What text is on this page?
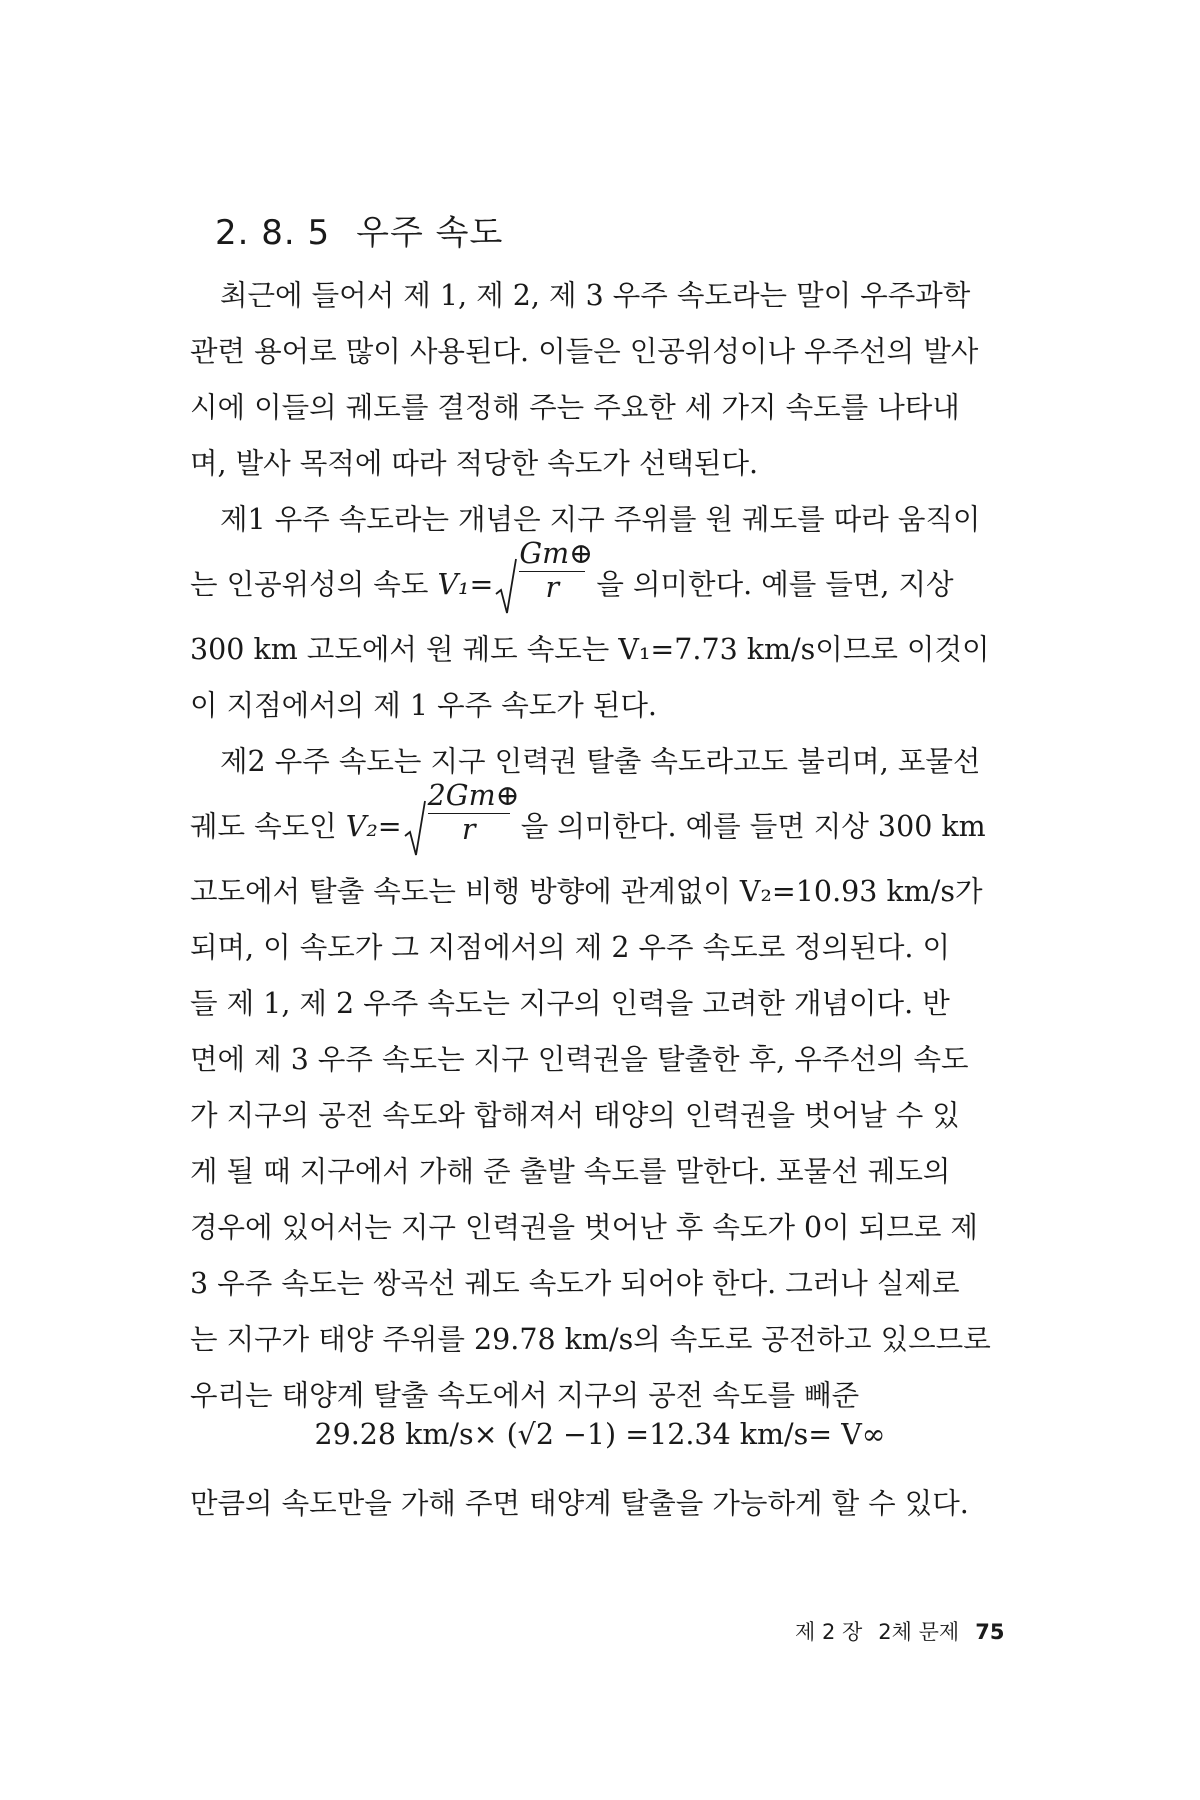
2. 8. 5 우주 속도
최근에 들어서 제 1, 제 2, 제 3 우주 속도라는 말이 우주과학
관련 용어로 많이 사용된다. 이들은 인공위성이나 우주선의 발사
시에 이들의 궤도를 결정해 주는 주요한 세 가지 속도를 나타내
며, 발사 목적에 따라 적당한 속도가 선택된다.
제1 우주 속도라는 개념은 지구 주위를 원 궤도를 따라 움직이
는 인공위성의 속도 V₁=
Gm⊕
r 을 의미한다. 예를 들면, 지상
300 km 고도에서 원 궤도 속도는 V₁=7.73 km/s이므로 이것이
이 지점에서의 제 1 우주 속도가 된다.
제2 우주 속도는 지구 인력권 탈출 속도라고도 불리며, 포물선
궤도 속도인 V₂=
2Gm⊕
r 을 의미한다. 예를 들면 지상 300 km
고도에서 탈출 속도는 비행 방향에 관계없이 V₂=10.93 km/s가
되며, 이 속도가 그 지점에서의 제 2 우주 속도로 정의된다. 이
들 제 1, 제 2 우주 속도는 지구의 인력을 고려한 개념이다. 반
면에 제 3 우주 속도는 지구 인력권을 탈출한 후, 우주선의 속도
가 지구의 공전 속도와 합해져서 태양의 인력권을 벗어날 수 있
게 될 때 지구에서 가해 준 출발 속도를 말한다. 포물선 궤도의
경우에 있어서는 지구 인력권을 벗어난 후 속도가 0이 되므로 제
3 우주 속도는 쌍곡선 궤도 속도가 되어야 한다. 그러나 실제로
는 지구가 태양 주위를 29.78 km/s의 속도로 공전하고 있으므로
우리는 태양계 탈출 속도에서 지구의 공전 속도를 빼준
29.28 km/s× (√2 −1) =12.34 km/s= V∞
만큼의 속도만을 가해 주면 태양계 탈출을 가능하게 할 수 있다.
제 2 장 2체 문제 75
